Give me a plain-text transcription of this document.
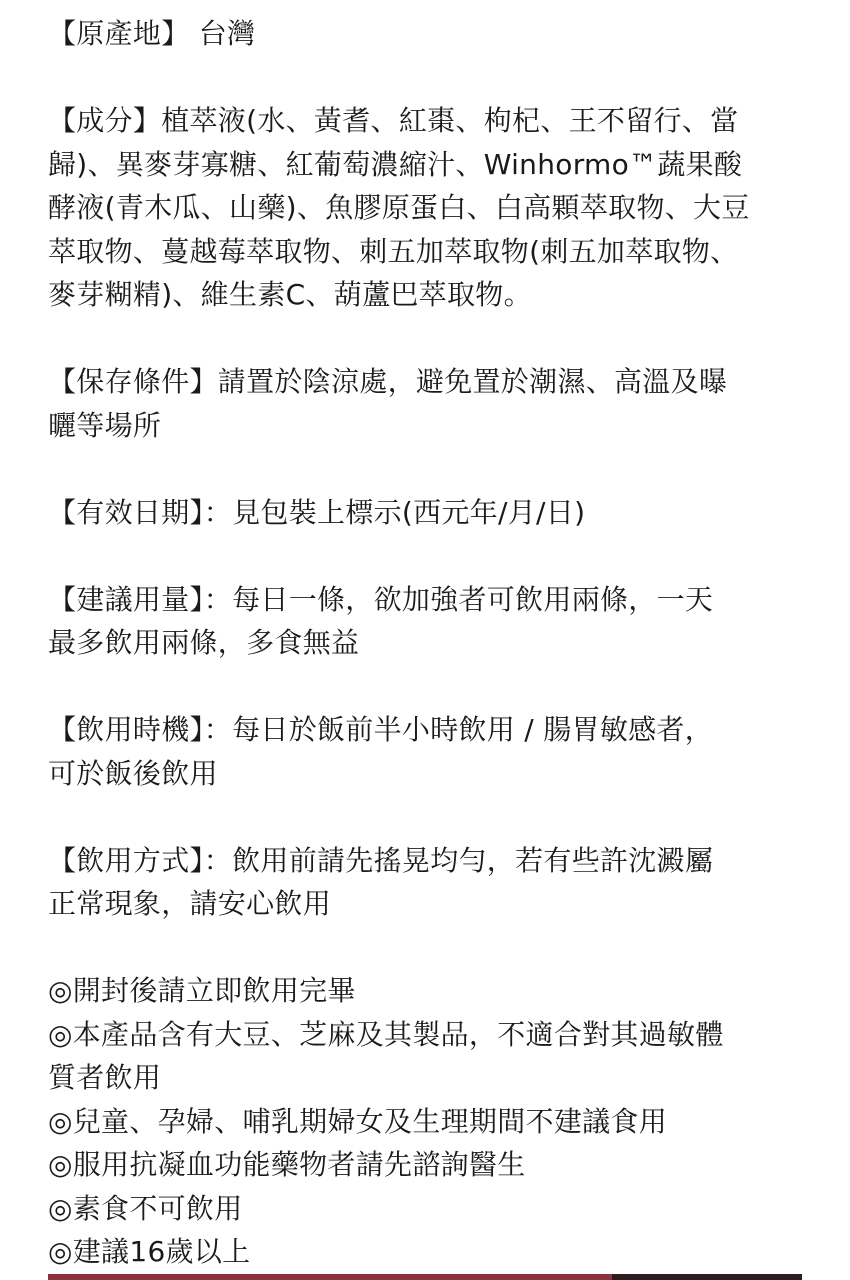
【原產地】 台灣

【成分】植萃液(水、黃耆、紅棗、枸杞、王不留行、當
歸)、異麥芽寡糖、紅葡萄濃縮汁、Winhormo™蔬果酸
酵液(青木瓜、山藥)、魚膠原蛋白、白高顆萃取物、大豆
萃取物、蔓越莓萃取物、刺五加萃取物(刺五加萃取物、
麥芽糊精)、維生素C、葫蘆巴萃取物。

【保存條件】請置於陰涼處，避免置於潮濕、高溫及曝
曬等場所

【有效日期】：見包裝上標示(西元年/月/日)

【建議用量】：每日一條，欲加強者可飲用兩條，一天
最多飲用兩條，多食無益

【飲用時機】：每日於飯前半小時飲用 / 腸胃敏感者，
可於飯後飲用

【飲用方式】：飲用前請先搖晃均勻，若有些許沈澱屬
正常現象，請安心飲用

◎開封後請立即飲用完畢
◎本產品含有大豆、芝麻及其製品，不適合對其過敏體
質者飲用
◎兒童、孕婦、哺乳期婦女及生理期間不建議食用
◎服用抗凝血功能藥物者請先諮詢醫生
◎素食不可飲用
◎建議16歲以上
